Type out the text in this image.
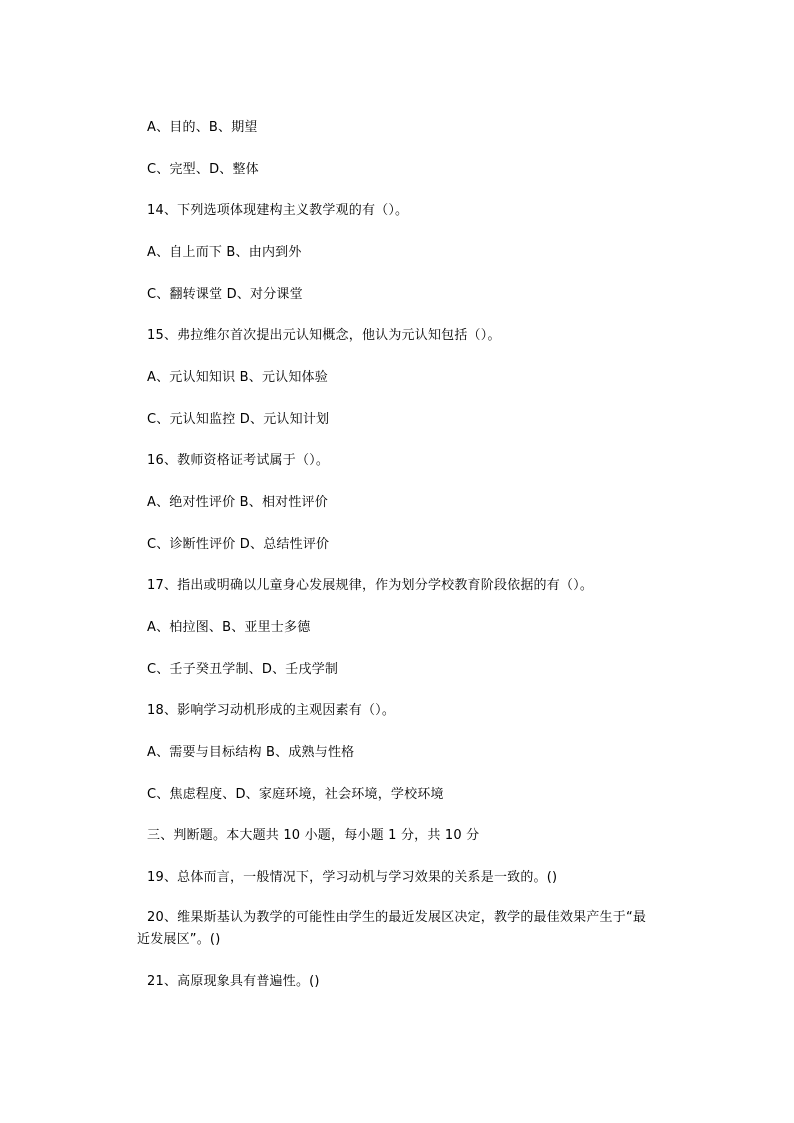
A、目的、B、期望
C、完型、D、整体
14、下列选项体现建构主义教学观的有（）。
A、自上而下 B、由内到外
C、翻转课堂 D、对分课堂
15、弗拉维尔首次提出元认知概念，他认为元认知包括（）。
A、元认知知识 B、元认知体验
C、元认知监控 D、元认知计划
16、教师资格证考试属于（）。
A、绝对性评价 B、相对性评价
C、诊断性评价 D、总结性评价
17、指出或明确以儿童身心发展规律，作为划分学校教育阶段依据的有（）。
A、柏拉图、B、亚里士多德
C、壬子癸丑学制、D、壬戌学制
18、影响学习动机形成的主观因素有（）。
A、需要与目标结构 B、成熟与性格
C、焦虑程度、D、家庭环境，社会环境，学校环境
三、判断题。本大题共 10 小题，每小题 1 分，共 10 分
19、总体而言，一般情况下，学习动机与学习效果的关系是一致的。()
20、维果斯基认为教学的可能性由学生的最近发展区决定，教学的最佳效果产生于“最近发展区”。()
21、高原现象具有普遍性。()
